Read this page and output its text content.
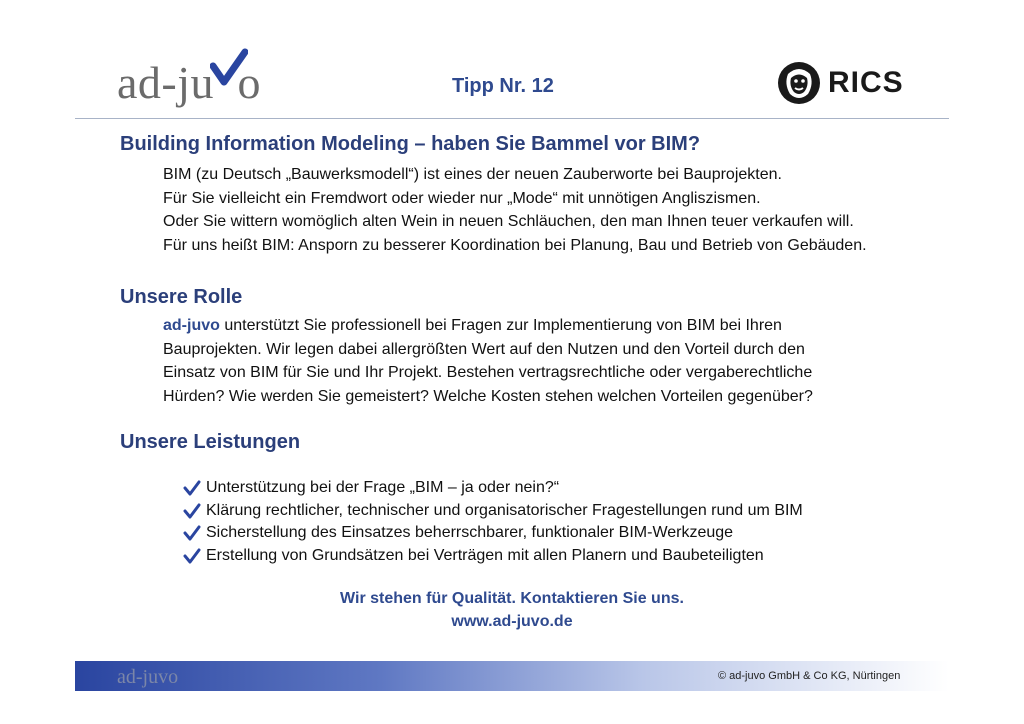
ad-ju o	Tipp Nr. 12	RICS
Building Information Modeling – haben Sie Bammel vor BIM?
BIM (zu Deutsch „Bauwerksmodell“) ist eines der neuen Zauberworte bei Bauprojekten.
Für Sie vielleicht ein Fremdwort oder wieder nur „Mode“ mit unnötigen Angliszismen.
Oder Sie wittern womöglich alten Wein in neuen Schläuchen, den man Ihnen teuer verkaufen will.
Für uns heißt BIM: Ansporn zu besserer Koordination bei Planung, Bau und Betrieb von Gebäuden.
Unsere Rolle
ad-juvo unterstützt Sie professionell bei Fragen zur Implementierung von BIM bei Ihren
Bauprojekten. Wir legen dabei allergrößten Wert auf den Nutzen und den Vorteil durch den
Einsatz von BIM für Sie und Ihr Projekt. Bestehen vertragsrechtliche oder vergaberechtliche
Hürden? Wie werden Sie gemeistert? Welche Kosten stehen welchen Vorteilen gegenüber?
Unsere Leistungen
Unterstützung bei der Frage „BIM – ja oder nein?“
Klärung rechtlicher, technischer und organisatorischer Fragestellungen rund um BIM
Sicherstellung des Einsatzes beherrschbarer, funktionaler BIM-Werkzeuge
Erstellung von Grundsätzen bei Verträgen mit allen Planern und Baubeteiligten
Wir stehen für Qualität. Kontaktieren Sie uns.
www.ad-juvo.de
ad-juvo	© ad-juvo GmbH & Co KG, Nürtingen
